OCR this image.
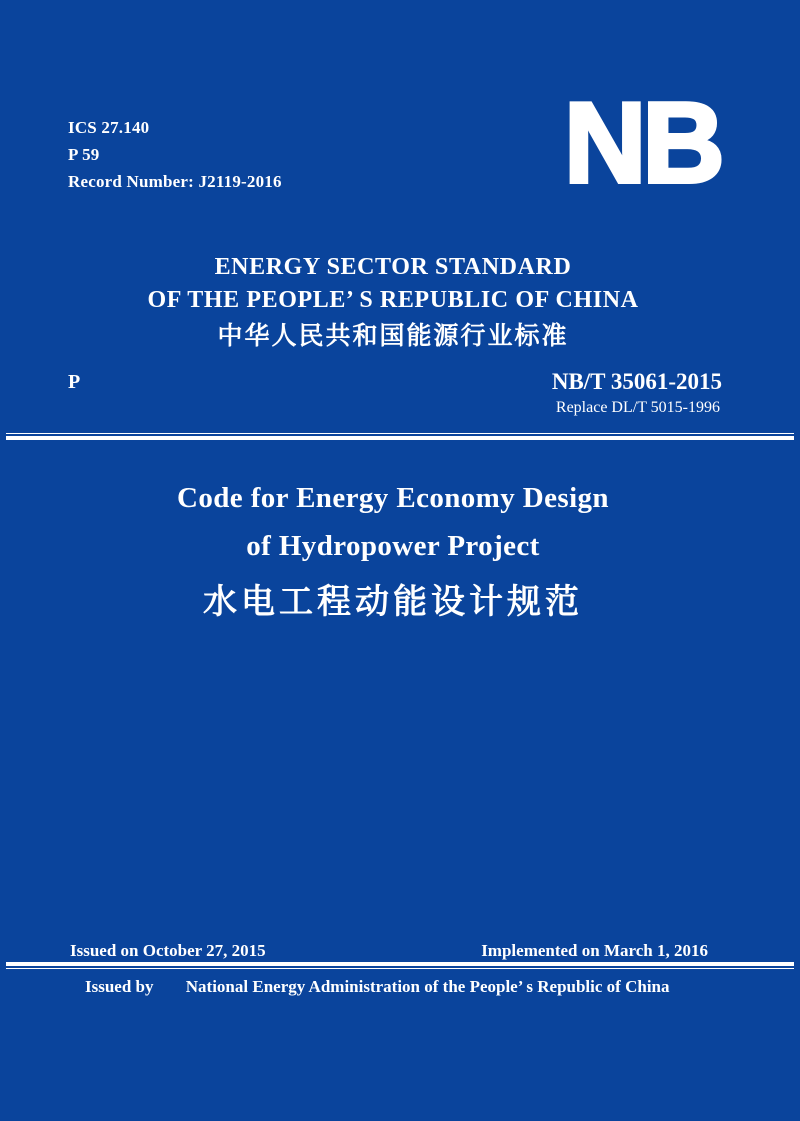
ICS 27.140
P 59
Record Number: J2119-2016 NB
ENERGY SECTOR STANDARD
OF THE PEOPLE’ S REPUBLIC OF CHINA
中华人民共和国能源行业标准
P	NB/T 35061-2015
Replace DL/T 5015-1996
Code for Energy Economy Design
of Hydropower Project
水电工程动能设计规范
Issued on October 27, 2015	Implemented on March 1, 2016
Issued by National Energy Administration of the People’ s Republic of China
